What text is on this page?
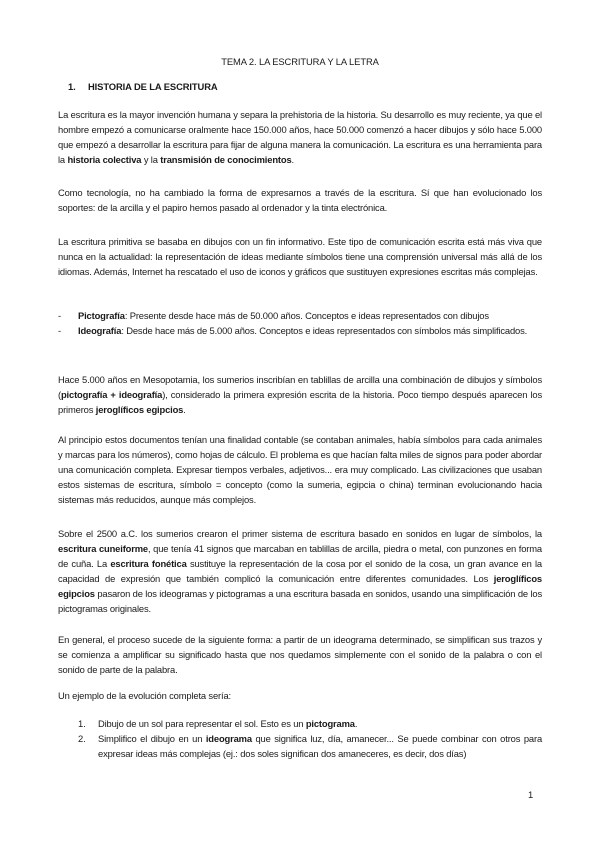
TEMA 2. LA ESCRITURA Y LA LETRA
1. HISTORIA DE LA ESCRITURA

La escritura es la mayor invención humana y separa la prehistoria de la historia. Su desarrollo es muy reciente, ya que el hombre empezó a comunicarse oralmente hace 150.000 años, hace 50.000 comenzó a hacer dibujos y sólo hace 5.000 que empezó a desarrollar la escritura para fijar de alguna manera la comunicación. La escritura es una herramienta para la historia colectiva y la transmisión de conocimientos.

Como tecnología, no ha cambiado la forma de expresarnos a través de la escritura. Sí que han evolucionado los soportes: de la arcilla y el papiro hemos pasado al ordenador y la tinta electrónica.

La escritura primitiva se basaba en dibujos con un fin informativo. Este tipo de comunicación escrita está más viva que nunca en la actualidad: la representación de ideas mediante símbolos tiene una comprensión universal más allá de los idiomas. Además, Internet ha rescatado el uso de iconos y gráficos que sustituyen expresiones escritas más complejas.

- Pictografía: Presente desde hace más de 50.000 años. Conceptos e ideas representados con dibujos
- Ideografía: Desde hace más de 5.000 años. Conceptos e ideas representados con símbolos más simplificados.

Hace 5.000 años en Mesopotamia, los sumerios inscribían en tablillas de arcilla una combinación de dibujos y símbolos (pictografía + ideografía), considerado la primera expresión escrita de la historia. Poco tiempo después aparecen los primeros jeroglíficos egipcios.

Al principio estos documentos tenían una finalidad contable (se contaban animales, había símbolos para cada animales y marcas para los números), como hojas de cálculo. El problema es que hacían falta miles de signos para poder abordar una comunicación completa. Expresar tiempos verbales, adjetivos... era muy complicado. Las civilizaciones que usaban estos sistemas de escritura, símbolo = concepto (como la sumeria, egipcia o china) terminan evolucionando hacia sistemas más reducidos, aunque más complejos.

Sobre el 2500 a.C. los sumerios crearon el primer sistema de escritura basado en sonidos en lugar de símbolos, la escritura cuneiforme, que tenía 41 signos que marcaban en tablillas de arcilla, piedra o metal, con punzones en forma de cuña. La escritura fonética sustituye la representación de la cosa por el sonido de la cosa, un gran avance en la capacidad de expresión que también complicó la comunicación entre diferentes comunidades. Los jeroglíficos egipcios pasaron de los ideogramas y pictogramas a una escritura basada en sonidos, usando una simplificación de los pictogramas originales.

En general, el proceso sucede de la siguiente forma: a partir de un ideograma determinado, se simplifican sus trazos y se comienza a amplificar su significado hasta que nos quedamos simplemente con el sonido de la palabra o con el sonido de parte de la palabra.

Un ejemplo de la evolución completa sería:

1. Dibujo de un sol para representar el sol. Esto es un pictograma.
2. Simplifico el dibujo en un ideograma que significa luz, día, amanecer... Se puede combinar con otros para expresar ideas más complejas (ej.: dos soles significan dos amaneceres, es decir, dos días)
1
